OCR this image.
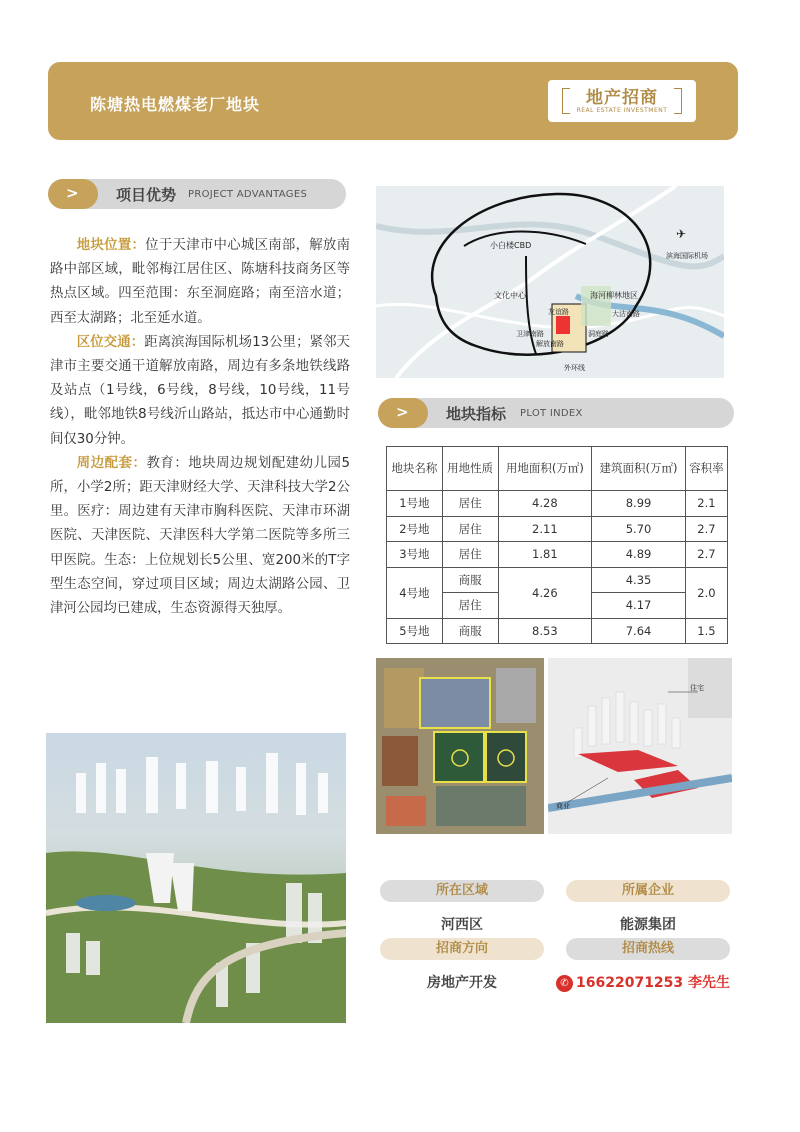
陈塘热电燃煤老厂地块	地产招商
REAL ESTATE INVESTMENT
> 项目优势 PROJECT ADVANTAGES

地块位置：位于天津市中心城区南部，解放南路中部区域，毗邻梅江居住区、陈塘科技商务区等热点区域。四至范围：东至洞庭路；南至涪水道；西至太湖路；北至延水道。

区位交通：距离滨海国际机场13公里；紧邻天津市主要交通干道解放南路，周边有多条地铁线路及站点（1号线，6号线，8号线，10号线，11号线），毗邻地铁8号线沂山路站，抵达市中心通勤时间仅30分钟。

周边配套：教育：地块周边规划配建幼儿园5所，小学2所；距天津财经大学、天津科技大学2公里。医疗：周边建有天津市胸科医院、天津市环湖医院、天津医院、天津医科大学第二医院等多所三甲医院。生态：上位规划长5公里、宽200米的T字型生态空间，穿过项目区域；周边太湖路公园、卫津河公园均已建成，生态资源得天独厚。

小白楼CBD
滨海国际机场
✈
文化中心	海河柳林地区
友谊路	大沽南路
卫津南路
解放南路
洞庭路
外环线
> 地块指标 PLOT INDEX
地块名称	用地性质	用地面积(万㎡)	建筑面积(万㎡)	容积率
1号地	居住	4.28	8.99	2.1
2号地	居住	2.11	5.70	2.7
3号地	居住	1.81	4.89	2.7
4号地	商服	4.26	4.35	2.0
	居住		4.17	
5号地	商服	8.53	7.64	1.5
住宅
商业
所在区域
河西区
所属企业
能源集团
招商方向
房地产开发
招商热线
✆ 16622071253 李先生
